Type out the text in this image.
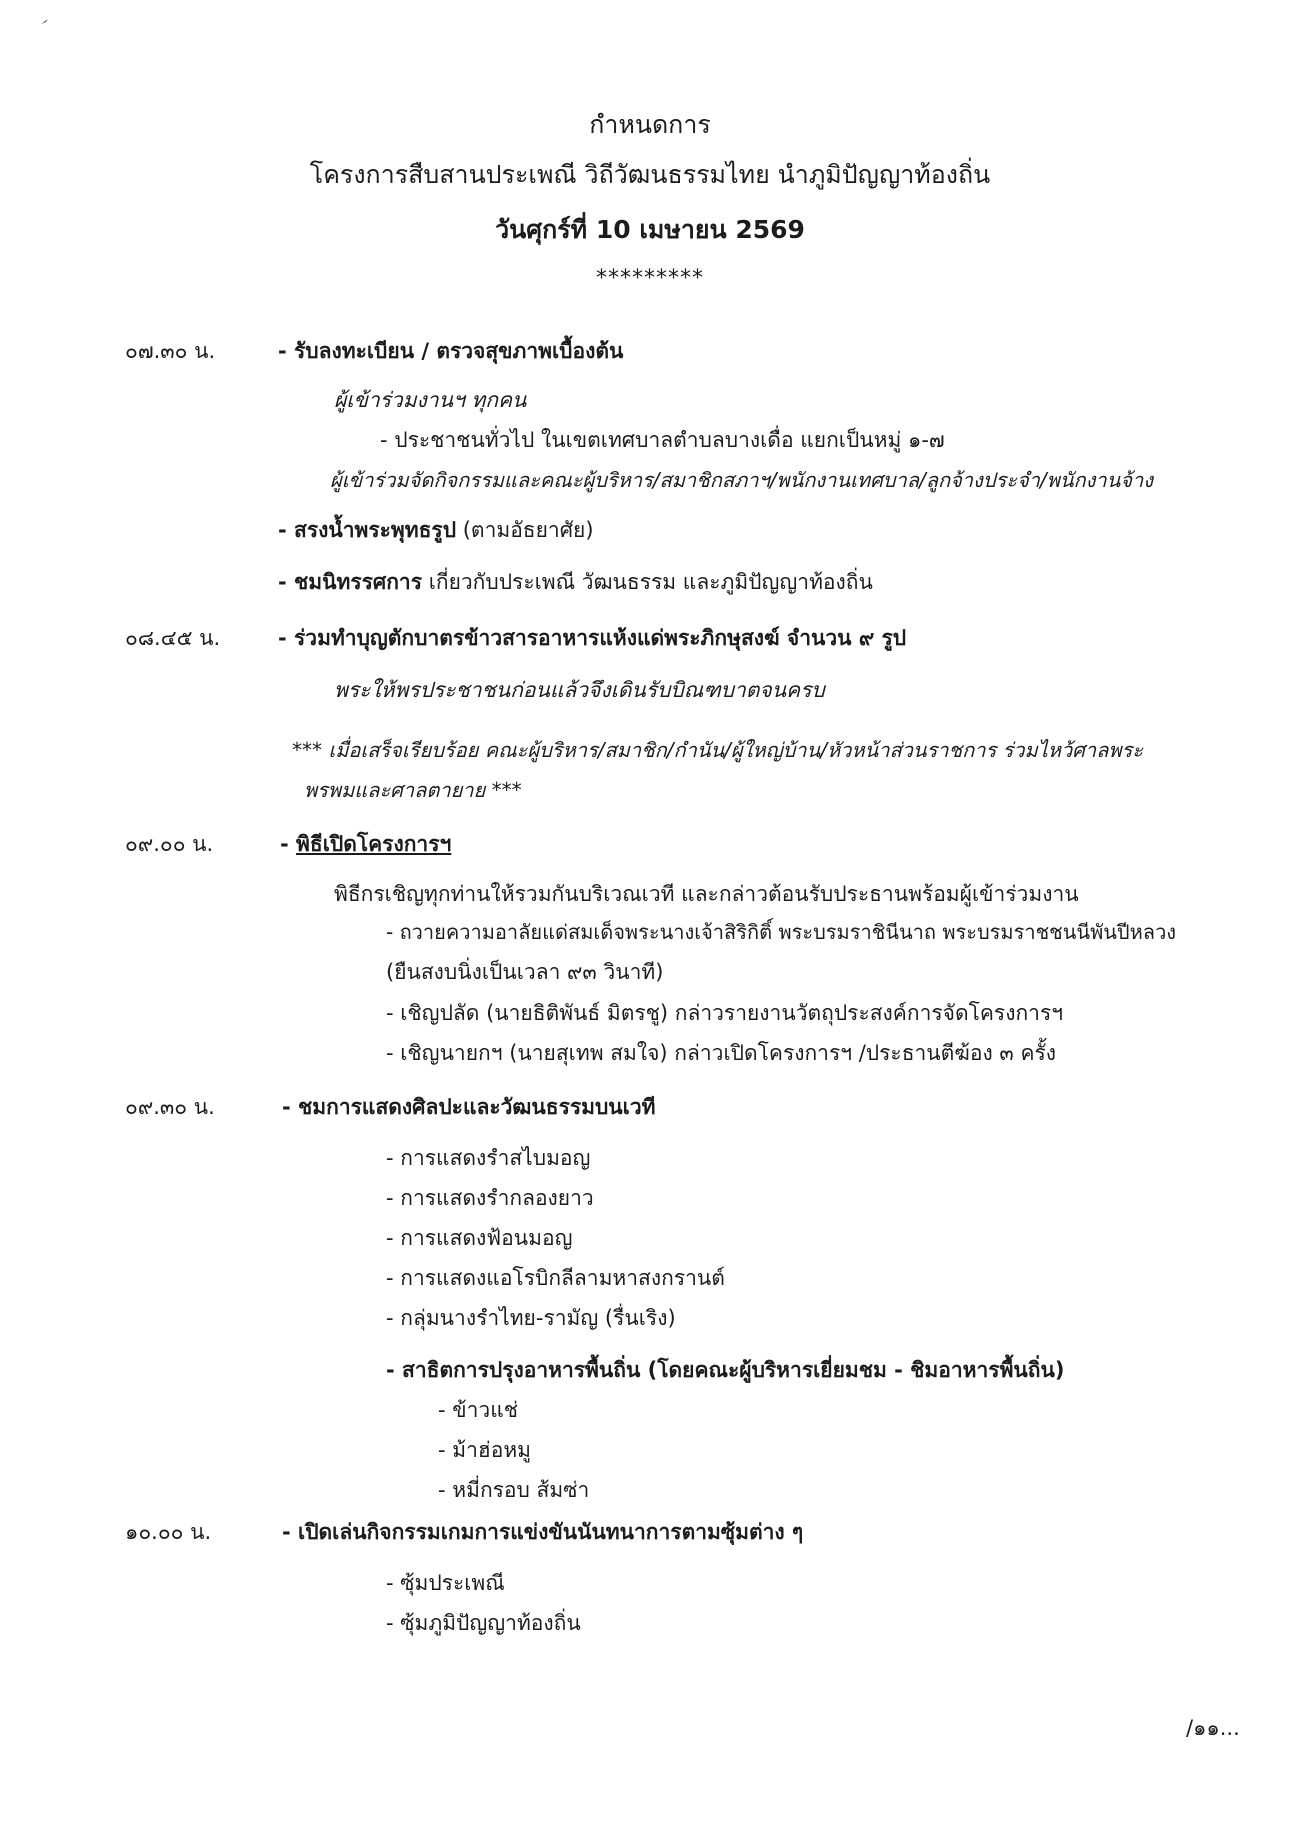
กำหนดการ
โครงการสืบสานประเพณี วิถีวัฒนธรรมไทย นำภูมิปัญญาท้องถิ่น
วันศุกร์ที่ 10 เมษายน 2569
*********
๐๗.๓๐ น.	- รับลงทะเบียน / ตรวจสุขภาพเบื้องต้น
ผู้เข้าร่วมงานฯ ทุกคน
- ประชาชนทั่วไป ในเขตเทศบาลตำบลบางเดื่อ แยกเป็นหมู่ ๑-๗
ผู้เข้าร่วมจัดกิจกรรมและคณะผู้บริหาร/สมาชิกสภาฯ/พนักงานเทศบาล/ลูกจ้างประจำ/พนักงานจ้าง
- สรงน้ำพระพุทธรูป (ตามอัธยาศัย)
- ชมนิทรรศการ เกี่ยวกับประเพณี วัฒนธรรม และภูมิปัญญาท้องถิ่น
๐๘.๔๕ น.	- ร่วมทำบุญตักบาตรข้าวสารอาหารแห้งแด่พระภิกษุสงฆ์ จำนวน ๙ รูป
พระให้พรประชาชนก่อนแล้วจึงเดินรับบิณฑบาตจนครบ
*** เมื่อเสร็จเรียบร้อย คณะผู้บริหาร/สมาชิก/กำนัน/ผู้ใหญ่บ้าน/หัวหน้าส่วนราชการ ร่วมไหว้ศาลพระ
พรพมและศาลตายาย ***
๐๙.๐๐ น.	- พิธีเปิดโครงการฯ
พิธีกรเชิญทุกท่านให้รวมกันบริเวณเวที และกล่าวต้อนรับประธานพร้อมผู้เข้าร่วมงาน
- ถวายความอาลัยแด่สมเด็จพระนางเจ้าสิริกิติ์ พระบรมราชินีนาถ พระบรมราชชนนีพันปีหลวง
(ยืนสงบนิ่งเป็นเวลา ๙๓ วินาที)
- เชิญปลัด (นายธิติพันธ์ มิตรชู) กล่าวรายงานวัตถุประสงค์การจัดโครงการฯ
- เชิญนายกฯ (นายสุเทพ สมใจ) กล่าวเปิดโครงการฯ /ประธานตีฆ้อง ๓ ครั้ง
๐๙.๓๐ น.	- ชมการแสดงศิลปะและวัฒนธรรมบนเวที
- การแสดงรำสไบมอญ
- การแสดงรำกลองยาว
- การแสดงฟ้อนมอญ
- การแสดงแอโรบิกลีลามหาสงกรานต์
- กลุ่มนางรำไทย-รามัญ (รื่นเริง)
- สาธิตการปรุงอาหารพื้นถิ่น (โดยคณะผู้บริหารเยี่ยมชม - ชิมอาหารพื้นถิ่น)
- ข้าวแช่
- ม้าฮ่อหมู
- หมี่กรอบ ส้มซ่า
๑๐.๐๐ น.	- เปิดเล่นกิจกรรมเกมการแข่งขันนันทนาการตามซุ้มต่าง ๆ
- ซุ้มประเพณี
- ซุ้มภูมิปัญญาท้องถิ่น
/๑๑...
